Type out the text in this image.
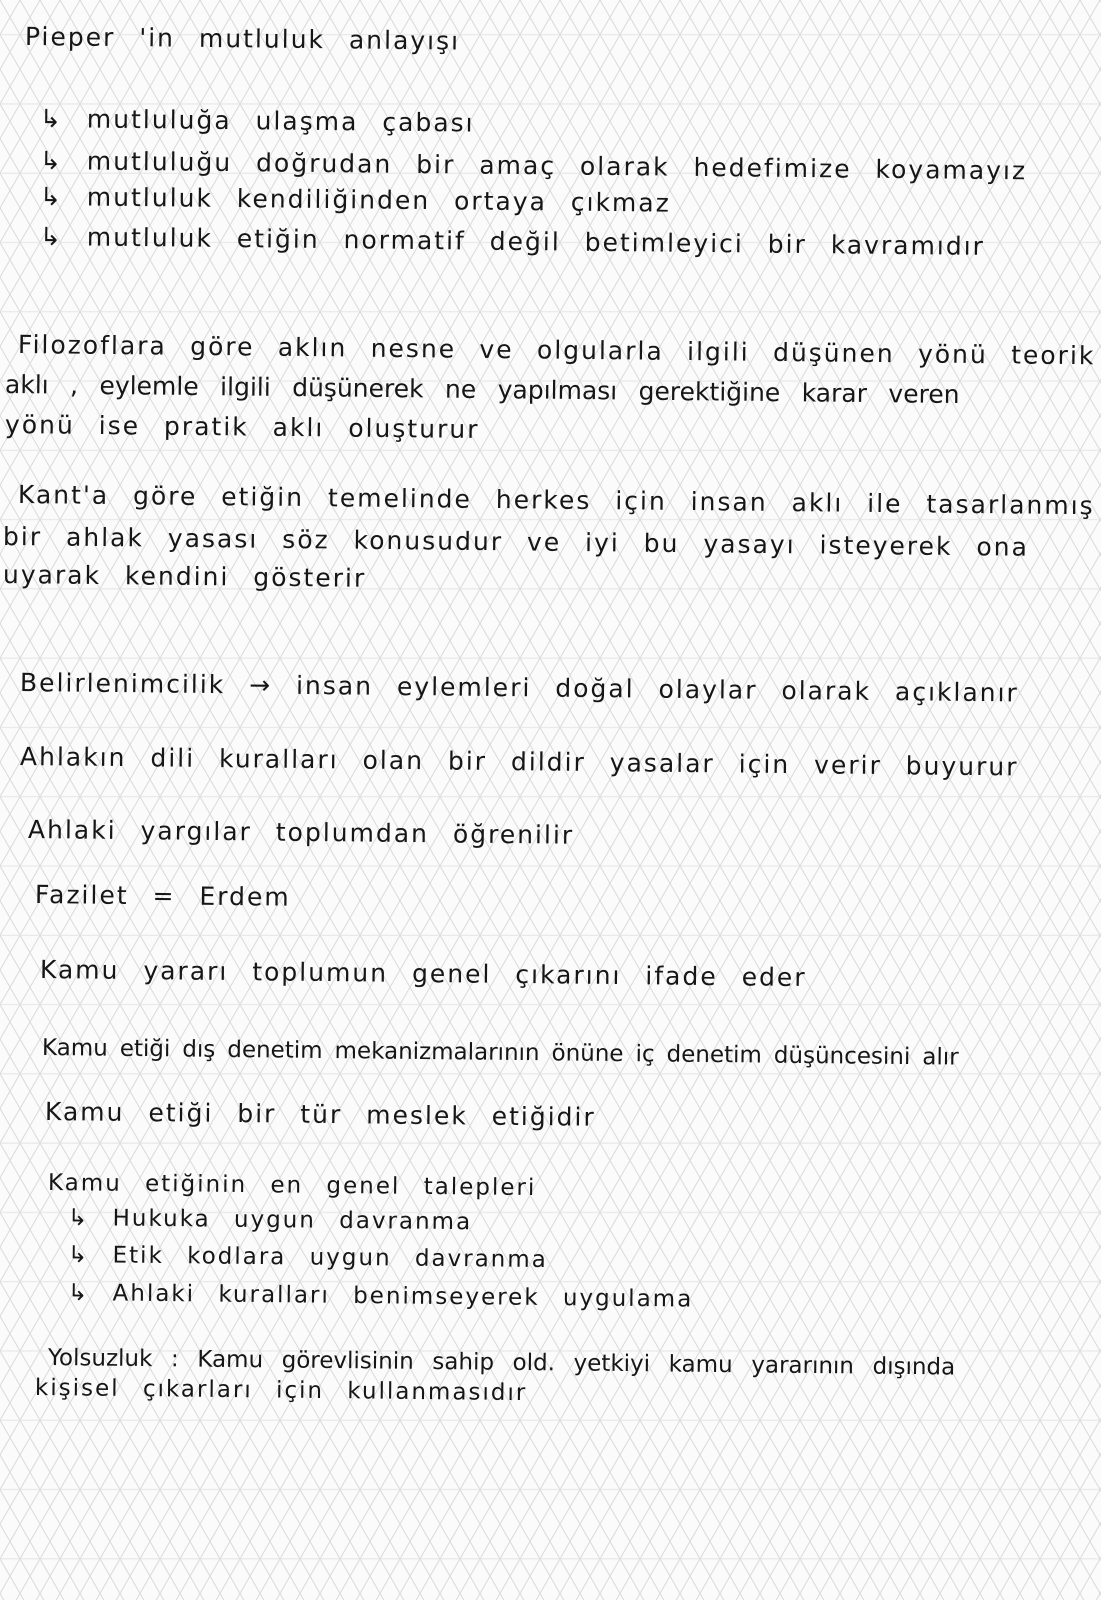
Pieper 'in mutluluk anlayışı
↳ mutluluğa ulaşma çabası
↳ mutluluğu doğrudan bir amaç olarak hedefimize koyamayız
↳ mutluluk kendiliğinden ortaya çıkmaz
↳ mutluluk etiğin normatif değil betimleyici bir kavramıdır
Filozoflara göre aklın nesne ve olgularla ilgili düşünen yönü teorik
aklı , eylemle ilgili düşünerek ne yapılması gerektiğine karar veren
yönü ise pratik aklı oluşturur
Kant'a göre etiğin temelinde herkes için insan aklı ile tasarlanmış
bir ahlak yasası söz konusudur ve iyi bu yasayı isteyerek ona
uyarak kendini gösterir
Belirlenimcilik → insan eylemleri doğal olaylar olarak açıklanır
Ahlakın dili kuralları olan bir dildir yasalar için verir buyurur
Ahlaki yargılar toplumdan öğrenilir
Fazilet = Erdem
Kamu yararı toplumun genel çıkarını ifade eder
Kamu etiği dış denetim mekanizmalarının önüne iç denetim düşüncesini alır
Kamu etiği bir tür meslek etiğidir
Kamu etiğinin en genel talepleri
↳ Hukuka uygun davranma
↳ Etik kodlara uygun davranma
↳ Ahlaki kuralları benimseyerek uygulama
Yolsuzluk : Kamu görevlisinin sahip old. yetkiyi kamu yararının dışında
kişisel çıkarları için kullanmasıdır
